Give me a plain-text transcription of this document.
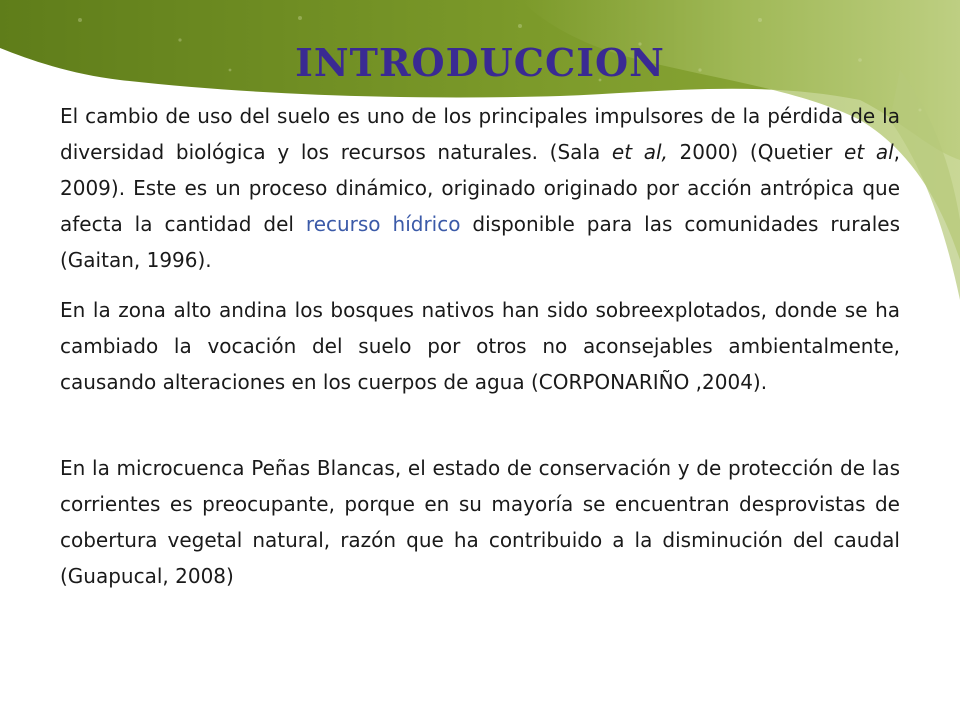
INTRODUCCION

El cambio de uso del suelo es uno de los principales impulsores de la pérdida de la diversidad biológica y los recursos naturales. (Sala et al, 2000) (Quetier et al, 2009). Este es un proceso dinámico, originado originado por acción antrópica que afecta la cantidad del recurso hídrico disponible para las comunidades rurales (Gaitan, 1996).

En la zona alto andina los bosques nativos han sido sobreexplotados, donde se ha cambiado la vocación del suelo por otros no aconsejables ambientalmente, causando alteraciones en los cuerpos de agua (CORPONARIÑO ,2004).

En la microcuenca Peñas Blancas, el estado de conservación y de protección de las corrientes es preocupante, porque en su mayoría se encuentran desprovistas de cobertura vegetal natural, razón que ha contribuido a la disminución del caudal (Guapucal, 2008)
